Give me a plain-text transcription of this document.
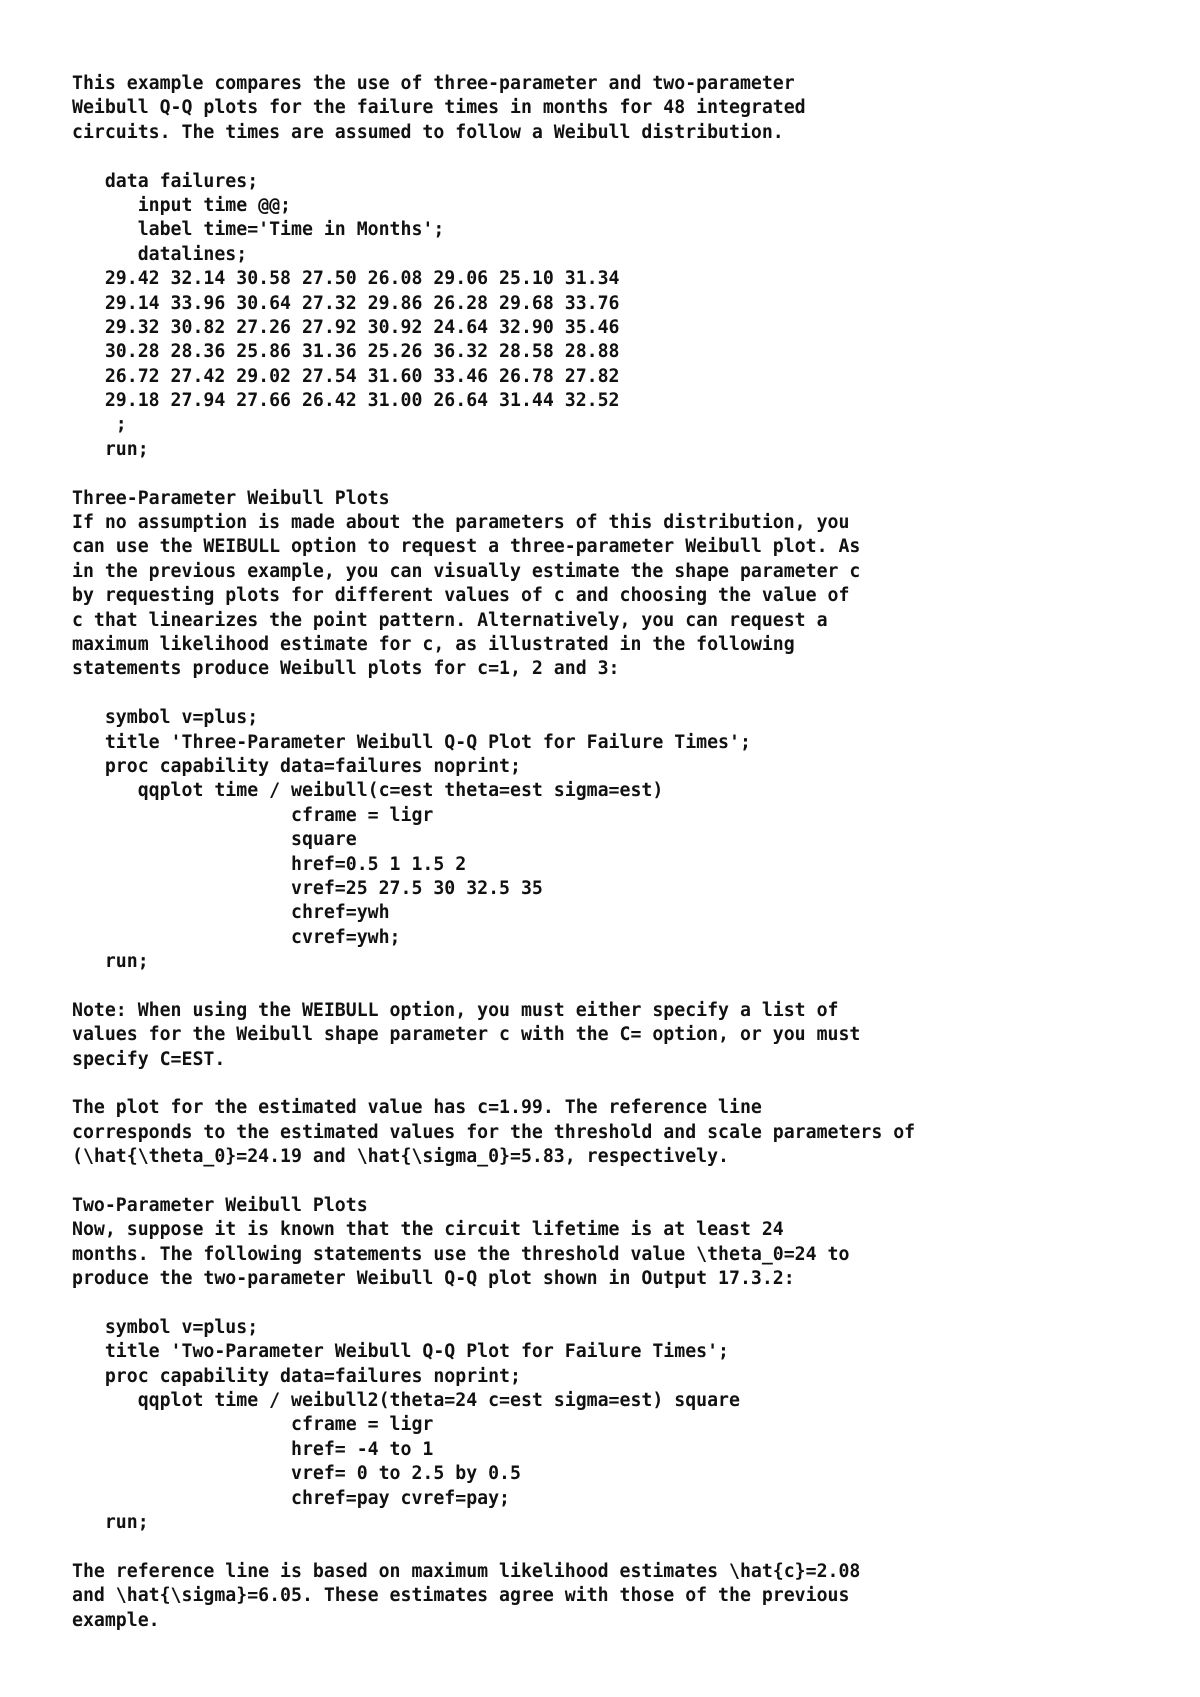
This example compares the use of three-parameter and two-parameter
Weibull Q-Q plots for the failure times in months for 48 integrated
circuits. The times are assumed to follow a Weibull distribution.
data failures;
input time @@;
label time='Time in Months';
datalines;
29.42 32.14 30.58 27.50 26.08 29.06 25.10 31.34
29.14 33.96 30.64 27.32 29.86 26.28 29.68 33.76
29.32 30.82 27.26 27.92 30.92 24.64 32.90 35.46
30.28 28.36 25.86 31.36 25.26 36.32 28.58 28.88
26.72 27.42 29.02 27.54 31.60 33.46 26.78 27.82
29.18 27.94 27.66 26.42 31.00 26.64 31.44 32.52
;
run;
Three-Parameter Weibull Plots
If no assumption is made about the parameters of this distribution, you
can use the WEIBULL option to request a three-parameter Weibull plot. As
in the previous example, you can visually estimate the shape parameter c
by requesting plots for different values of c and choosing the value of
c that linearizes the point pattern. Alternatively, you can request a
maximum likelihood estimate for c, as illustrated in the following
statements produce Weibull plots for c=1, 2 and 3:
symbol v=plus;
title 'Three-Parameter Weibull Q-Q Plot for Failure Times';
proc capability data=failures noprint;
qqplot time / weibull(c=est theta=est sigma=est)
cframe = ligr
square
href=0.5 1 1.5 2
vref=25 27.5 30 32.5 35
chref=ywh
cvref=ywh;
run;
Note: When using the WEIBULL option, you must either specify a list of
values for the Weibull shape parameter c with the C= option, or you must
specify C=EST.
The plot for the estimated value has c=1.99. The reference line
corresponds to the estimated values for the threshold and scale parameters of
(\hat{\theta_0}=24.19 and \hat{\sigma_0}=5.83, respectively.
Two-Parameter Weibull Plots
Now, suppose it is known that the circuit lifetime is at least 24
months. The following statements use the threshold value \theta_0=24 to
produce the two-parameter Weibull Q-Q plot shown in Output 17.3.2:
symbol v=plus;
title 'Two-Parameter Weibull Q-Q Plot for Failure Times';
proc capability data=failures noprint;
qqplot time / weibull2(theta=24 c=est sigma=est) square
cframe = ligr
href= -4 to 1
vref= 0 to 2.5 by 0.5
chref=pay cvref=pay;
run;
The reference line is based on maximum likelihood estimates \hat{c}=2.08
and \hat{\sigma}=6.05. These estimates agree with those of the previous
example.
